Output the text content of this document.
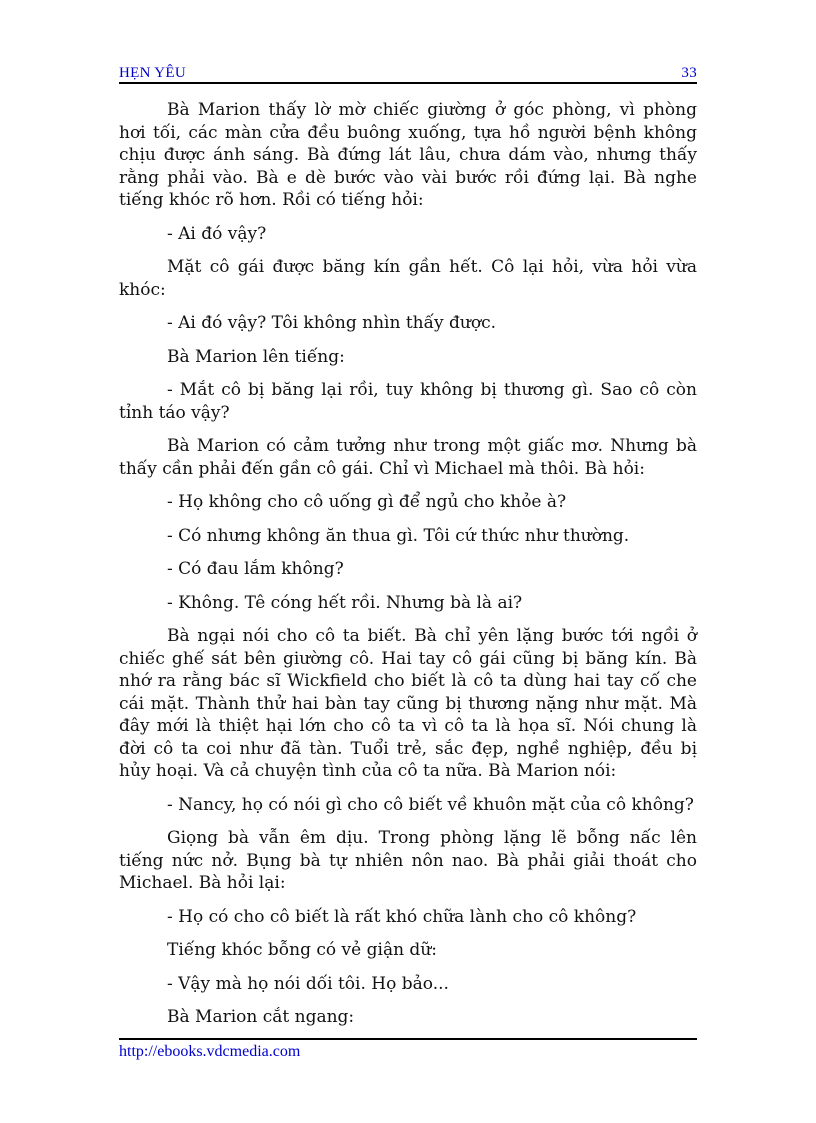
HẸN YÊU	33

Bà Marion thấy lờ mờ chiếc giường ở góc phòng, vì phòng hơi tối, các màn cửa đều buông xuống, tựa hồ người bệnh không chịu được ánh sáng. Bà đứng lát lâu, chưa dám vào, nhưng thấy rằng phải vào. Bà e dè bước vào vài bước rồi đứng lại. Bà nghe tiếng khóc rõ hơn. Rồi có tiếng hỏi:

- Ai đó vậy?

Mặt cô gái được băng kín gần hết. Cô lại hỏi, vừa hỏi vừa khóc:

- Ai đó vậy? Tôi không nhìn thấy được.

Bà Marion lên tiếng:

- Mắt cô bị băng lại rồi, tuy không bị thương gì. Sao cô còn tỉnh táo vậy?

Bà Marion có cảm tưởng như trong một giấc mơ. Nhưng bà thấy cần phải đến gần cô gái. Chỉ vì Michael mà thôi. Bà hỏi:

- Họ không cho cô uống gì để ngủ cho khỏe à?

- Có nhưng không ăn thua gì. Tôi cứ thức như thường.

- Có đau lắm không?

- Không. Tê cóng hết rồi. Nhưng bà là ai?

Bà ngại nói cho cô ta biết. Bà chỉ yên lặng bước tới ngồi ở chiếc ghế sát bên giường cô. Hai tay cô gái cũng bị băng kín. Bà nhớ ra rằng bác sĩ Wickfield cho biết là cô ta dùng hai tay cố che cái mặt. Thành thử hai bàn tay cũng bị thương nặng như mặt. Mà đây mới là thiệt hại lớn cho cô ta vì cô ta là họa sĩ. Nói chung là đời cô ta coi như đã tàn. Tuổi trẻ, sắc đẹp, nghề nghiệp, đều bị hủy hoại. Và cả chuyện tình của cô ta nữa. Bà Marion nói:

- Nancy, họ có nói gì cho cô biết về khuôn mặt của cô không?

Giọng bà vẫn êm dịu. Trong phòng lặng lẽ bỗng nấc lên tiếng nức nở. Bụng bà tự nhiên nôn nao. Bà phải giải thoát cho Michael. Bà hỏi lại:

- Họ có cho cô biết là rất khó chữa lành cho cô không?

Tiếng khóc bỗng có vẻ giận dữ:

- Vậy mà họ nói dối tôi. Họ bảo...

Bà Marion cắt ngang:

http://ebooks.vdcmedia.com
